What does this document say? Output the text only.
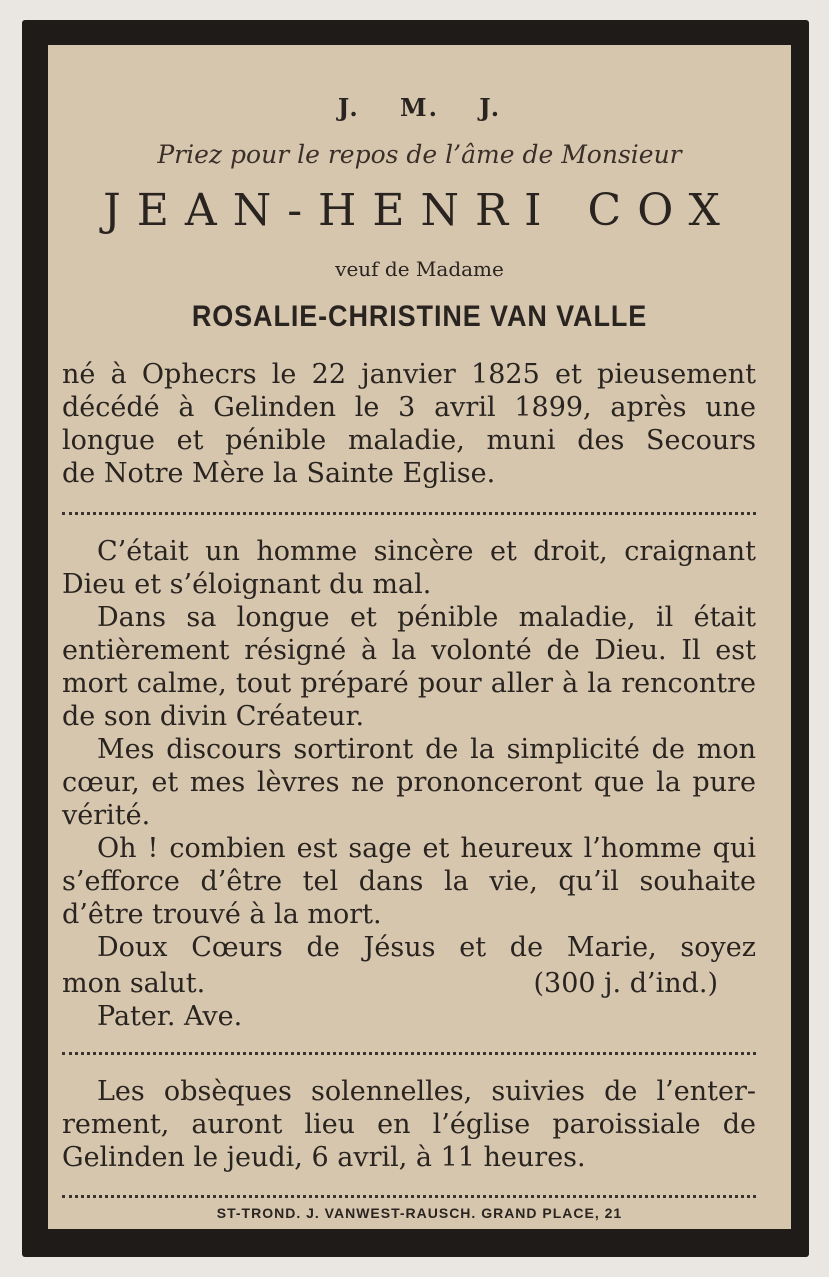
J. M. J.
Priez pour le repos de l’âme de Monsieur
JEAN-HENRI COX
veuf de Madame
ROSALIE-CHRISTINE VAN VALLE
né à Ophecrs le 22 janvier 1825 et pieusement
décédé à Gelinden le 3 avril 1899, après une
longue et pénible maladie, muni des Secours
de Notre Mère la Sainte Eglise.

C’était un homme sincère et droit, craignant Dieu et s’éloignant du mal.

Dans sa longue et pénible maladie, il était entièrement résigné à la volonté de Dieu. Il est mort calme, tout préparé pour aller à la rencontre de son divin Créateur.

Mes discours sortiront de la simplicité de mon cœur, et mes lèvres ne prononceront que la pure vérité.

Oh ! combien est sage et heureux l’homme qui s’efforce d’être tel dans la vie, qu’il souhaite d’être trouvé à la mort.

Doux Cœurs de Jésus et de Marie, soyez
mon salut.	(300 j. d’ind.)
Pater. Ave.
Les obsèques solennelles, suivies de l’enter-
rement, auront lieu en l’église paroissiale de
Gelinden le jeudi, 6 avril, à 11 heures.
ST-TROND. J. VANWEST-RAUSCH. GRAND PLACE, 21
